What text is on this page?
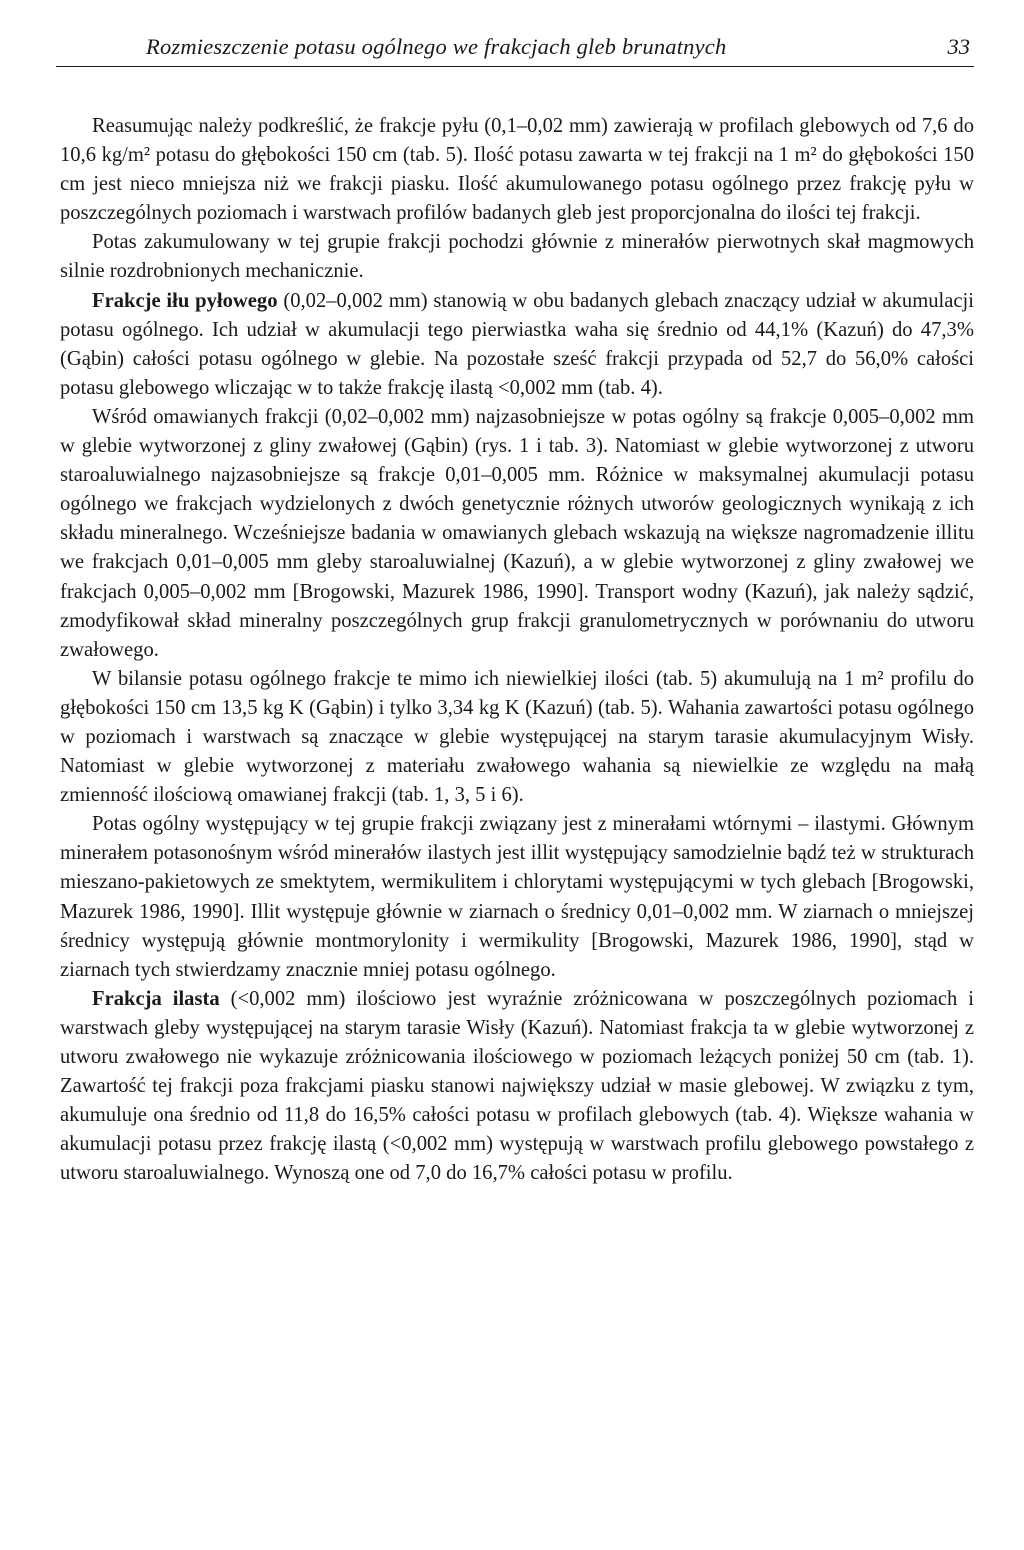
Rozmieszczenie potasu ogólnego we frakcjach gleb brunatnych	33

Reasumując należy podkreślić, że frakcje pyłu (0,1–0,02 mm) zawierają w profilach glebowych od 7,6 do 10,6 kg/m² potasu do głębokości 150 cm (tab. 5). Ilość potasu zawarta w tej frakcji na 1 m² do głębokości 150 cm jest nieco mniejsza niż we frakcji piasku. Ilość akumulowanego potasu ogólnego przez frakcję pyłu w poszczególnych poziomach i warstwach profilów badanych gleb jest proporcjonalna do ilości tej frakcji.

Potas zakumulowany w tej grupie frakcji pochodzi głównie z minerałów pierwotnych skał magmowych silnie rozdrobnionych mechanicznie.

Frakcje iłu pyłowego (0,02–0,002 mm) stanowią w obu badanych glebach znaczący udział w akumulacji potasu ogólnego. Ich udział w akumulacji tego pierwiastka waha się średnio od 44,1% (Kazuń) do 47,3% (Gąbin) całości potasu ogólnego w glebie. Na pozostałe sześć frakcji przypada od 52,7 do 56,0% całości potasu glebowego wliczając w to także frakcję ilastą <0,002 mm (tab. 4).

Wśród omawianych frakcji (0,02–0,002 mm) najzasobniejsze w potas ogólny są frakcje 0,005–0,002 mm w glebie wytworzonej z gliny zwałowej (Gąbin) (rys. 1 i tab. 3). Natomiast w glebie wytworzonej z utworu staroaluwialnego najzasobniejsze są frakcje 0,01–0,005 mm. Różnice w maksymalnej akumulacji potasu ogólnego we frakcjach wydzielonych z dwóch genetycznie różnych utworów geologicznych wynikają z ich składu mineralnego. Wcześniejsze badania w omawianych glebach wskazują na większe nagromadzenie illitu we frakcjach 0,01–0,005 mm gleby staroaluwialnej (Kazuń), a w glebie wytworzonej z gliny zwałowej we frakcjach 0,005–0,002 mm [Brogowski, Mazurek 1986, 1990]. Transport wodny (Kazuń), jak należy sądzić, zmodyfikował skład mineralny poszczególnych grup frakcji granulometrycznych w porównaniu do utworu zwałowego.

W bilansie potasu ogólnego frakcje te mimo ich niewielkiej ilości (tab. 5) akumulują na 1 m² profilu do głębokości 150 cm 13,5 kg K (Gąbin) i tylko 3,34 kg K (Kazuń) (tab. 5). Wahania zawartości potasu ogólnego w poziomach i warstwach są znaczące w glebie występującej na starym tarasie akumulacyjnym Wisły. Natomiast w glebie wytworzonej z materiału zwałowego wahania są niewielkie ze względu na małą zmienność ilościową omawianej frakcji (tab. 1, 3, 5 i 6).

Potas ogólny występujący w tej grupie frakcji związany jest z minerałami wtórnymi – ilastymi. Głównym minerałem potasonośnym wśród minerałów ilastych jest illit występujący samodzielnie bądź też w strukturach mieszano-pakietowych ze smektytem, wermikulitem i chlorytami występującymi w tych glebach [Brogowski, Mazurek 1986, 1990]. Illit występuje głównie w ziarnach o średnicy 0,01–0,002 mm. W ziarnach o mniejszej średnicy występują głównie montmorylonity i wermikulity [Brogowski, Mazurek 1986, 1990], stąd w ziarnach tych stwierdzamy znacznie mniej potasu ogólnego.

Frakcja ilasta (<0,002 mm) ilościowo jest wyraźnie zróżnicowana w poszczególnych poziomach i warstwach gleby występującej na starym tarasie Wisły (Kazuń). Natomiast frakcja ta w glebie wytworzonej z utworu zwałowego nie wykazuje zróżnicowania ilościowego w poziomach leżących poniżej 50 cm (tab. 1). Zawartość tej frakcji poza frakcjami piasku stanowi największy udział w masie glebowej. W związku z tym, akumuluje ona średnio od 11,8 do 16,5% całości potasu w profilach glebowych (tab. 4). Większe wahania w akumulacji potasu przez frakcję ilastą (<0,002 mm) występują w warstwach profilu glebowego powstałego z utworu staroaluwialnego. Wynoszą one od 7,0 do 16,7% całości potasu w profilu.
